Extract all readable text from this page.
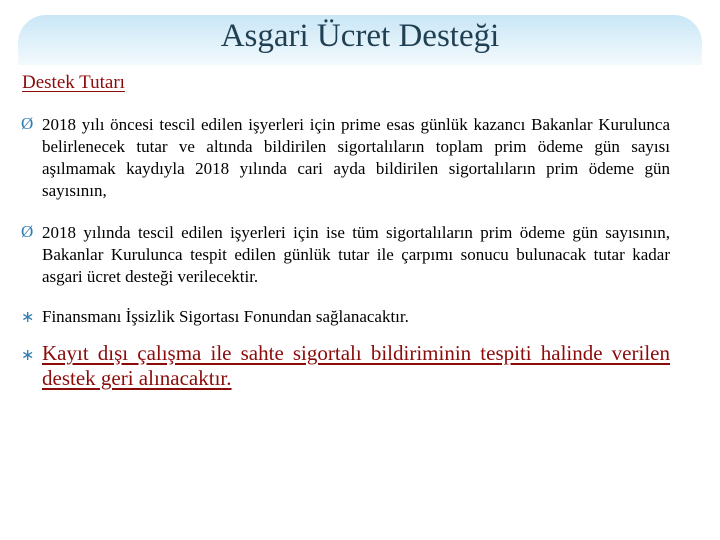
Asgari Ücret Desteği
Destek Tutarı
Ø 2018 yılı öncesi tescil edilen işyerleri için prime esas günlük kazancı Bakanlar Kurulunca belirlenecek tutar ve altında bildirilen sigortalıların toplam prim ödeme gün sayısı aşılmamak kaydıyla 2018 yılında cari ayda bildirilen sigortalıların prim ödeme gün sayısının,

Ø 2018 yılında tescil edilen işyerleri için ise tüm sigortalıların prim ödeme gün sayısının, Bakanlar Kurulunca tespit edilen günlük tutar ile çarpımı sonucu bulunacak tutar kadar asgari ücret desteği verilecektir.

∗ Finansmanı İşsizlik Sigortası Fonundan sağlanacaktır.

∗ Kayıt dışı çalışma ile sahte sigortalı bildiriminin tespiti halinde verilen destek geri alınacaktır.
